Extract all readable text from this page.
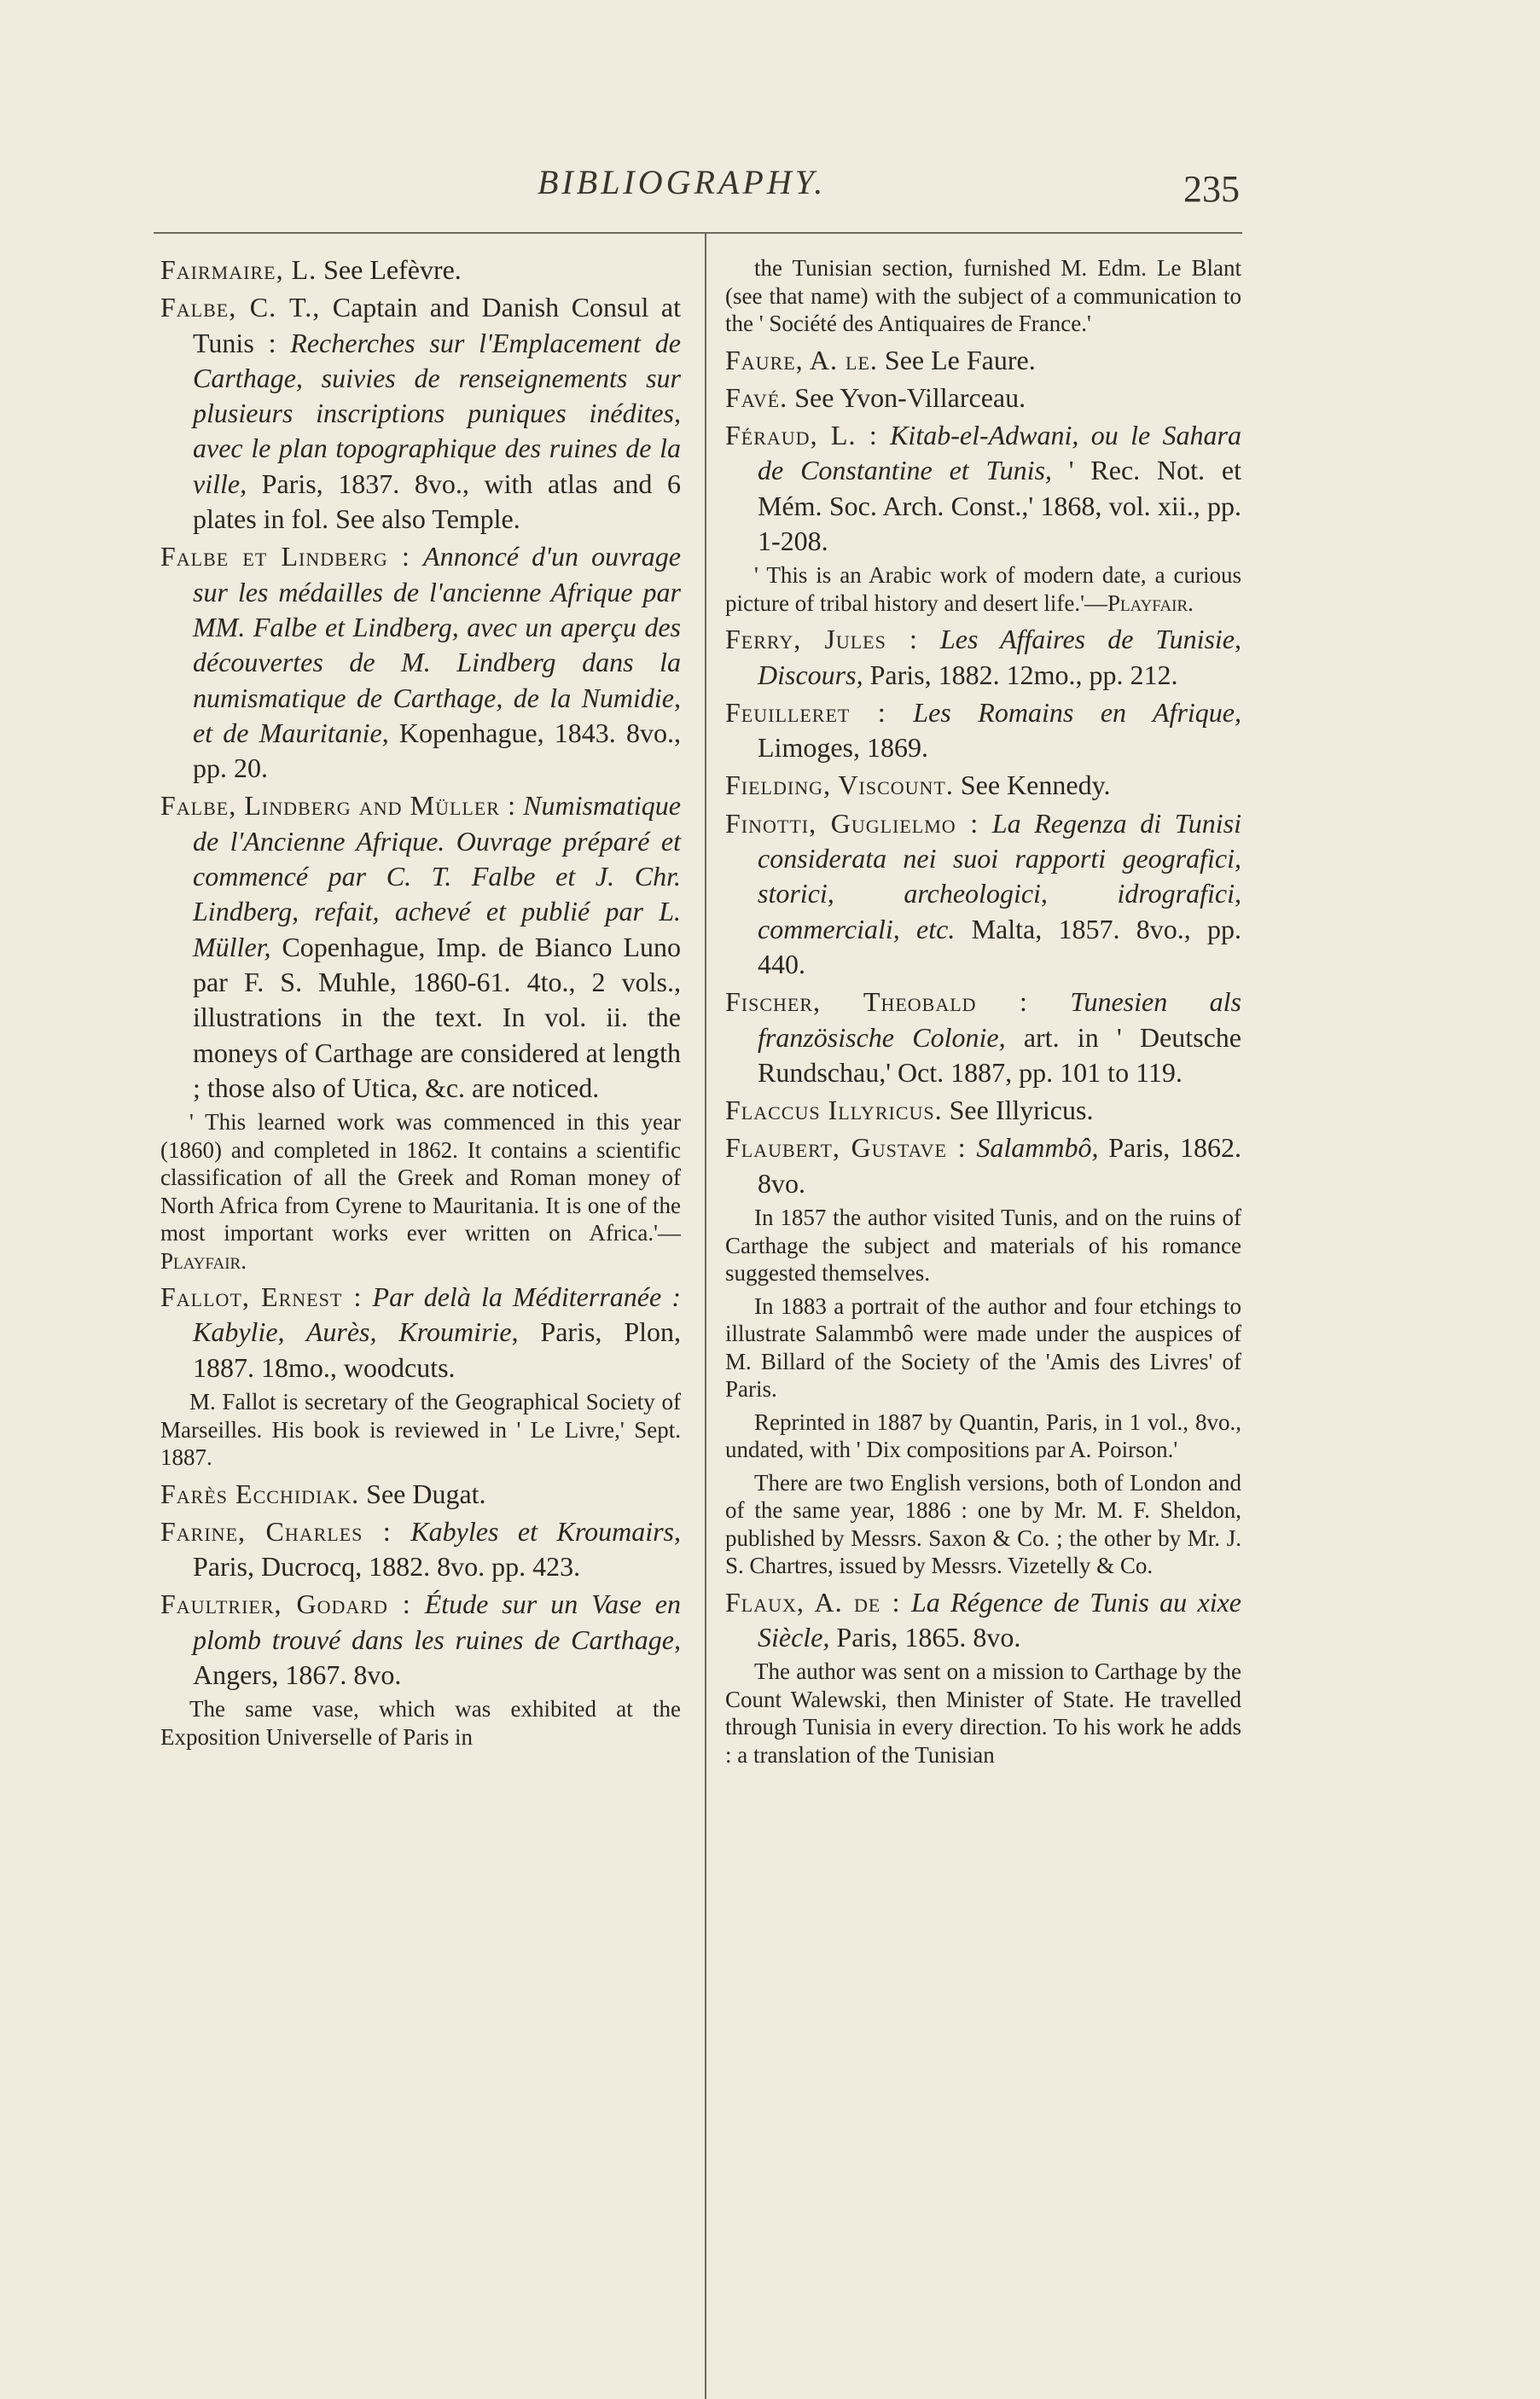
BIBLIOGRAPHY.	235

Fairmaire, L. See Lefèvre.

Falbe, C. T., Captain and Danish Consul at Tunis : Recherches sur l'Emplacement de Carthage, suivies de renseignements sur plusieurs inscriptions puniques inédites, avec le plan topographique des ruines de la ville, Paris, 1837. 8vo., with atlas and 6 plates in fol. See also Temple.

Falbe et Lindberg : Annoncé d'un ouvrage sur les médailles de l'ancienne Afrique par MM. Falbe et Lindberg, avec un aperçu des découvertes de M. Lindberg dans la numismatique de Carthage, de la Numidie, et de Mauritanie, Kopenhague, 1843. 8vo., pp. 20.

Falbe, Lindberg and Müller : Numismatique de l'Ancienne Afrique. Ouvrage préparé et commencé par C. T. Falbe et J. Chr. Lindberg, refait, achevé et publié par L. Müller, Copenhague, Imp. de Bianco Luno par F. S. Muhle, 1860-61. 4to., 2 vols., illustrations in the text. In vol. ii. the moneys of Carthage are considered at length ; those also of Utica, &c. are noticed.

' This learned work was commenced in this year (1860) and completed in 1862. It contains a scientific classification of all the Greek and Roman money of North Africa from Cyrene to Mauritania. It is one of the most important works ever written on Africa.'—Playfair.

Fallot, Ernest : Par delà la Méditerranée : Kabylie, Aurès, Kroumirie, Paris, Plon, 1887. 18mo., woodcuts.

M. Fallot is secretary of the Geographical Society of Marseilles. His book is reviewed in ' Le Livre,' Sept. 1887.

Farès Ecchidiak. See Dugat.

Farine, Charles : Kabyles et Kroumairs, Paris, Ducrocq, 1882. 8vo. pp. 423.

Faultrier, Godard : Étude sur un Vase en plomb trouvé dans les ruines de Carthage, Angers, 1867. 8vo.

The same vase, which was exhibited at the Exposition Universelle of Paris in

the Tunisian section, furnished M. Edm. Le Blant (see that name) with the subject of a communication to the ' Société des Antiquaires de France.'

Faure, A. le. See Le Faure.

Favé. See Yvon-Villarceau.

Féraud, L. : Kitab-el-Adwani, ou le Sahara de Constantine et Tunis, ' Rec. Not. et Mém. Soc. Arch. Const.,' 1868, vol. xii., pp. 1-208.

' This is an Arabic work of modern date, a curious picture of tribal history and desert life.'—Playfair.

Ferry, Jules : Les Affaires de Tunisie, Discours, Paris, 1882. 12mo., pp. 212.

Feuilleret : Les Romains en Afrique, Limoges, 1869.

Fielding, Viscount. See Kennedy.

Finotti, Guglielmo : La Regenza di Tunisi considerata nei suoi rapporti geografici, storici, archeologici, idrografici, commerciali, etc. Malta, 1857. 8vo., pp. 440.

Fischer, Theobald : Tunesien als französische Colonie, art. in ' Deutsche Rundschau,' Oct. 1887, pp. 101 to 119.

Flaccus Illyricus. See Illyricus.

Flaubert, Gustave : Salammbô, Paris, 1862. 8vo.

In 1857 the author visited Tunis, and on the ruins of Carthage the subject and materials of his romance suggested themselves.

In 1883 a portrait of the author and four etchings to illustrate Salammbô were made under the auspices of M. Billard of the Society of the 'Amis des Livres' of Paris.

Reprinted in 1887 by Quantin, Paris, in 1 vol., 8vo., undated, with ' Dix compositions par A. Poirson.'

There are two English versions, both of London and of the same year, 1886 : one by Mr. M. F. Sheldon, published by Messrs. Saxon & Co. ; the other by Mr. J. S. Chartres, issued by Messrs. Vizetelly & Co.

Flaux, A. de : La Régence de Tunis au xixe Siècle, Paris, 1865. 8vo.

The author was sent on a mission to Carthage by the Count Walewski, then Minister of State. He travelled through Tunisia in every direction. To his work he adds : a translation of the Tunisian
